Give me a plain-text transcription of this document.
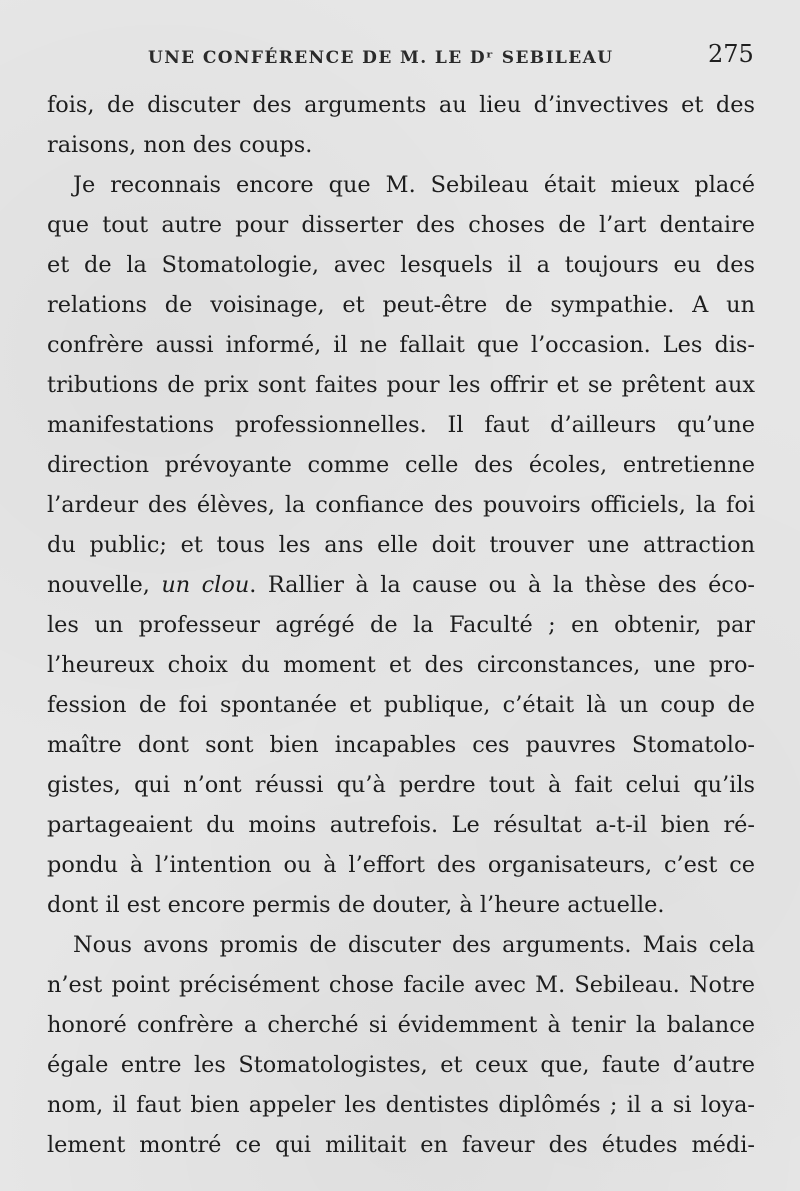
UNE CONFÉRENCE DE M. LE Dʳ SEBILEAU	275
fois, de discuter des arguments au lieu d’invectives et des
raisons, non des coups.
Je reconnais encore que M. Sebileau était mieux placé
que tout autre pour disserter des choses de l’art dentaire
et de la Stomatologie, avec lesquels il a toujours eu des
relations de voisinage, et peut-être de sympathie. A un
confrère aussi informé, il ne fallait que l’occasion. Les dis-
tributions de prix sont faites pour les offrir et se prêtent aux
manifestations professionnelles. Il faut d’ailleurs qu’une
direction prévoyante comme celle des écoles, entretienne
l’ardeur des élèves, la confiance des pouvoirs officiels, la foi
du public; et tous les ans elle doit trouver une attraction
nouvelle, un clou. Rallier à la cause ou à la thèse des éco-
les un professeur agrégé de la Faculté ; en obtenir, par
l’heureux choix du moment et des circonstances, une pro-
fession de foi spontanée et publique, c’était là un coup de
maître dont sont bien incapables ces pauvres Stomatolo-
gistes, qui n’ont réussi qu’à perdre tout à fait celui qu’ils
partageaient du moins autrefois. Le résultat a-t-il bien ré-
pondu à l’intention ou à l’effort des organisateurs, c’est ce
dont il est encore permis de douter, à l’heure actuelle.
Nous avons promis de discuter des arguments. Mais cela
n’est point précisément chose facile avec M. Sebileau. Notre
honoré confrère a cherché si évidemment à tenir la balance
égale entre les Stomatologistes, et ceux que, faute d’autre
nom, il faut bien appeler les dentistes diplômés ; il a si loya-
lement montré ce qui militait en faveur des études médi-
